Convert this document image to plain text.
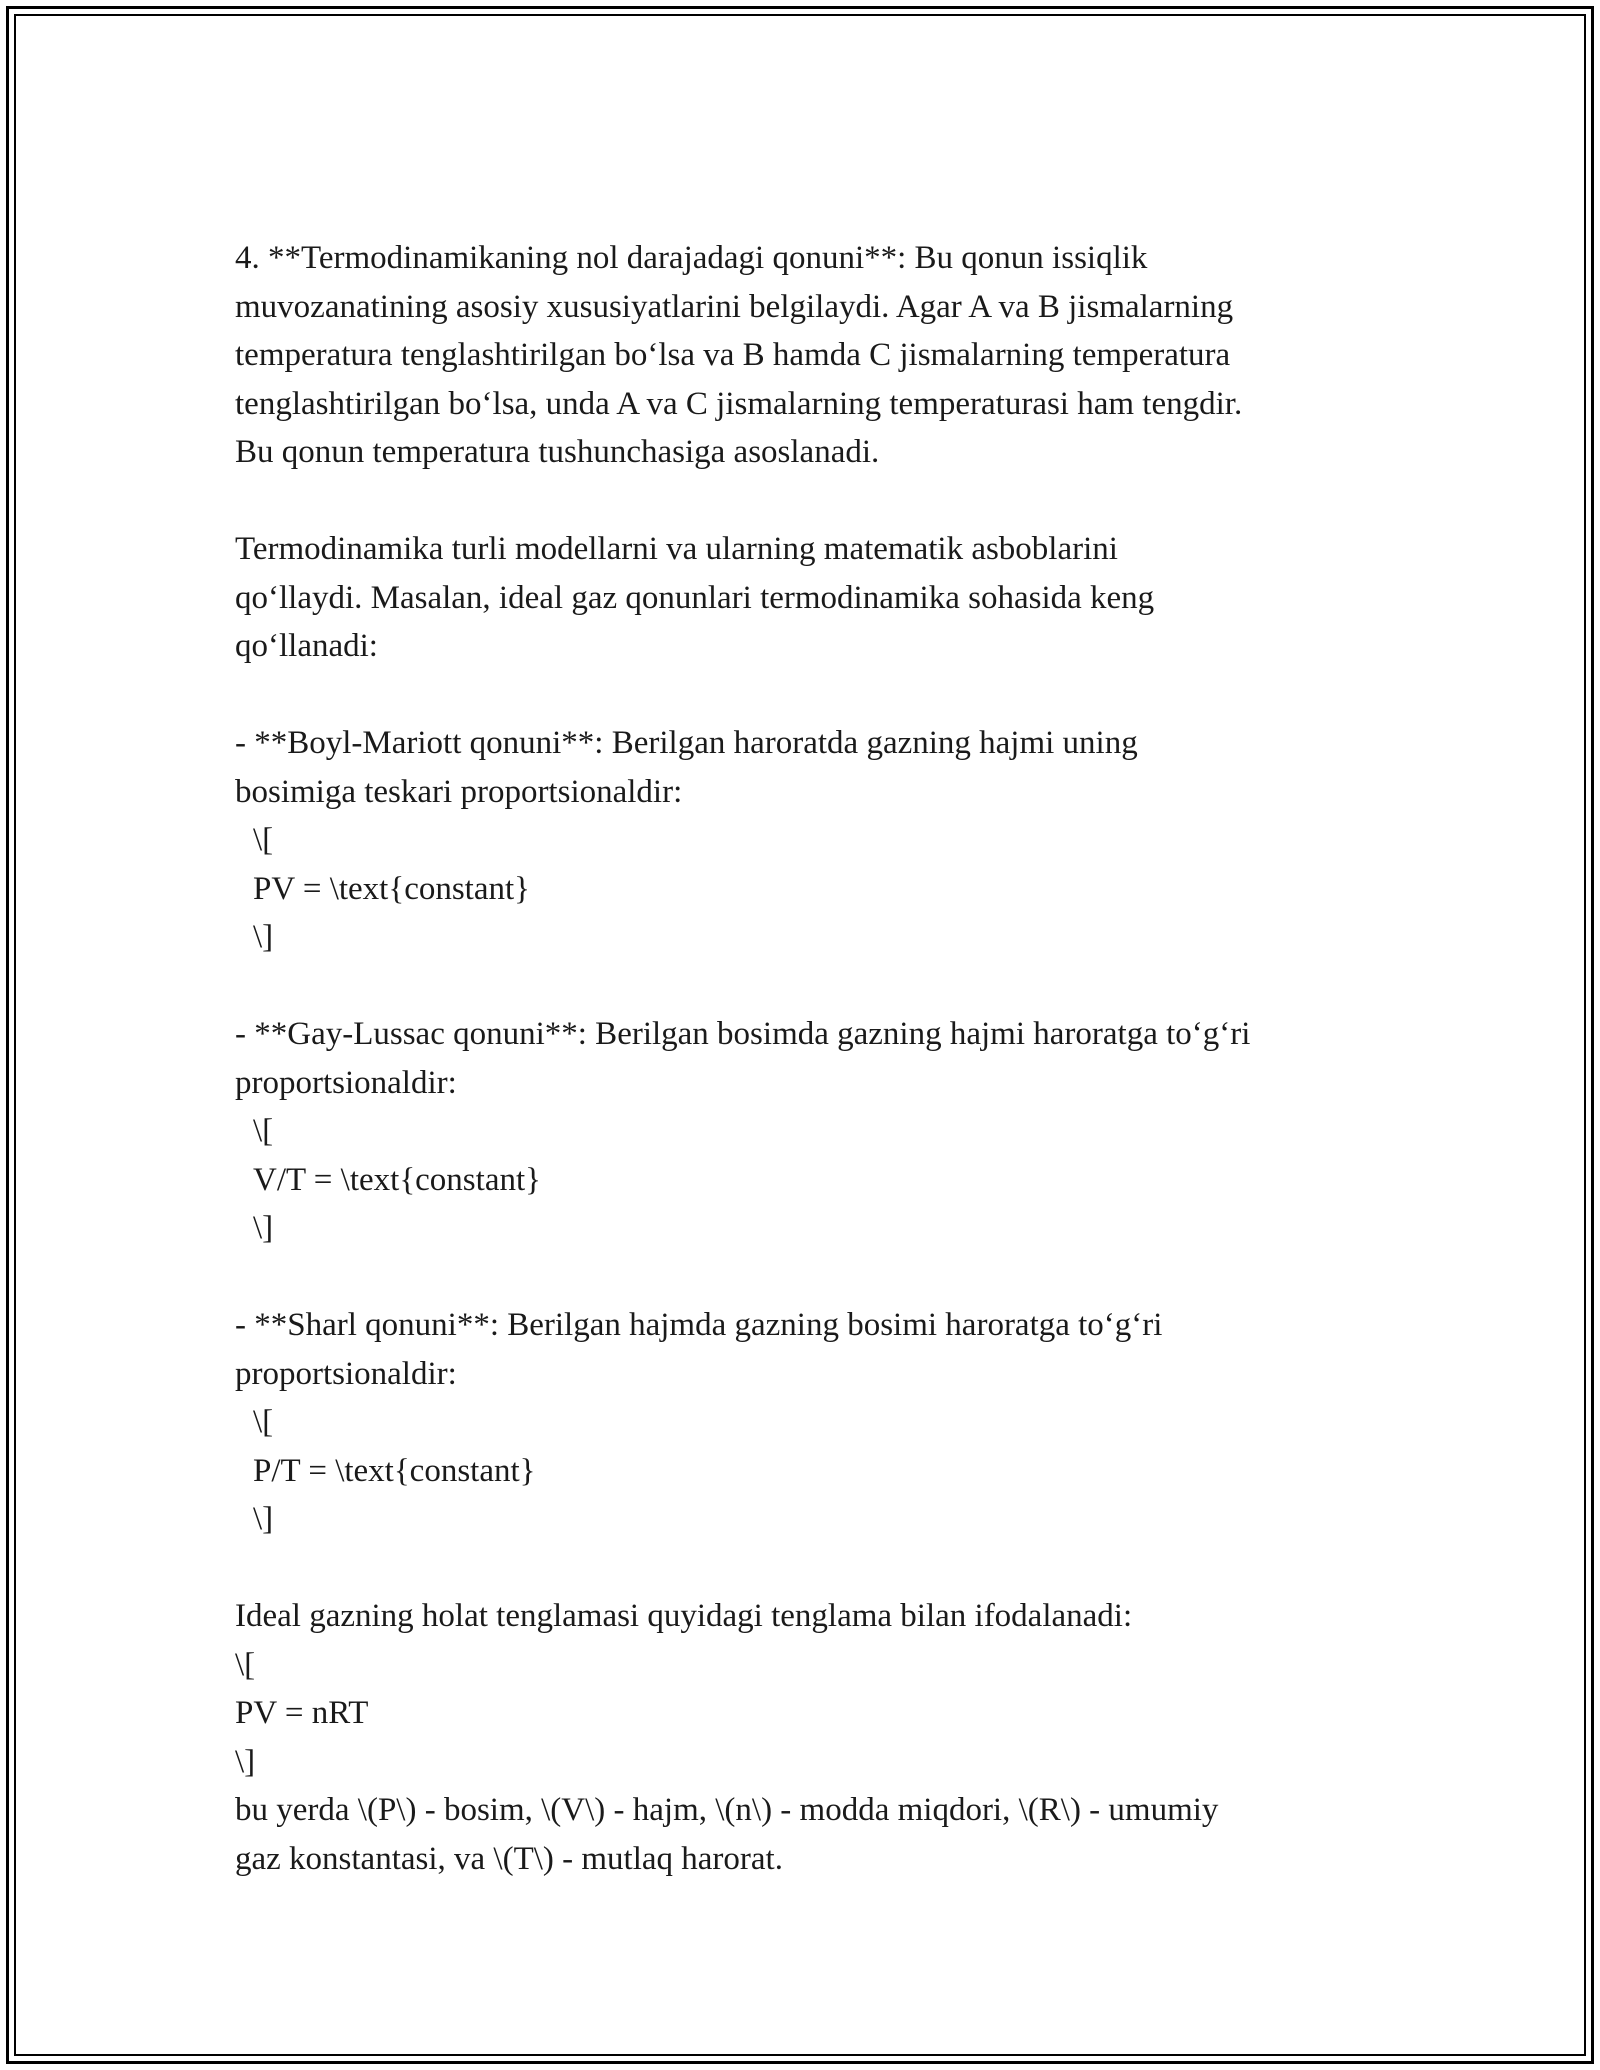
4. **Termodinamikaning nol darajadagi qonuni**: Bu qonun issiqlik
muvozanatining asosiy xususiyatlarini belgilaydi. Agar A va B jismalarning
temperatura tenglashtirilgan bo‘lsa va B hamda C jismalarning temperatura
tenglashtirilgan bo‘lsa, unda A va C jismalarning temperaturasi ham tengdir.
Bu qonun temperatura tushunchasiga asoslanadi.
Termodinamika turli modellarni va ularning matematik asboblarini
qo‘llaydi. Masalan, ideal gaz qonunlari termodinamika sohasida keng
qo‘llanadi:
- **Boyl-Mariott qonuni**: Berilgan haroratda gazning hajmi uning
bosimiga teskari proportsionaldir:
\[
PV = \text{constant}
\]
- **Gay-Lussac qonuni**: Berilgan bosimda gazning hajmi haroratga to‘g‘ri
proportsionaldir:
\[
V/T = \text{constant}
\]
- **Sharl qonuni**: Berilgan hajmda gazning bosimi haroratga to‘g‘ri
proportsionaldir:
\[
P/T = \text{constant}
\]
Ideal gazning holat tenglamasi quyidagi tenglama bilan ifodalanadi:
\[
PV = nRT
\]
bu yerda \(P\) - bosim, \(V\) - hajm, \(n\) - modda miqdori, \(R\) - umumiy
gaz konstantasi, va \(T\) - mutlaq harorat.
